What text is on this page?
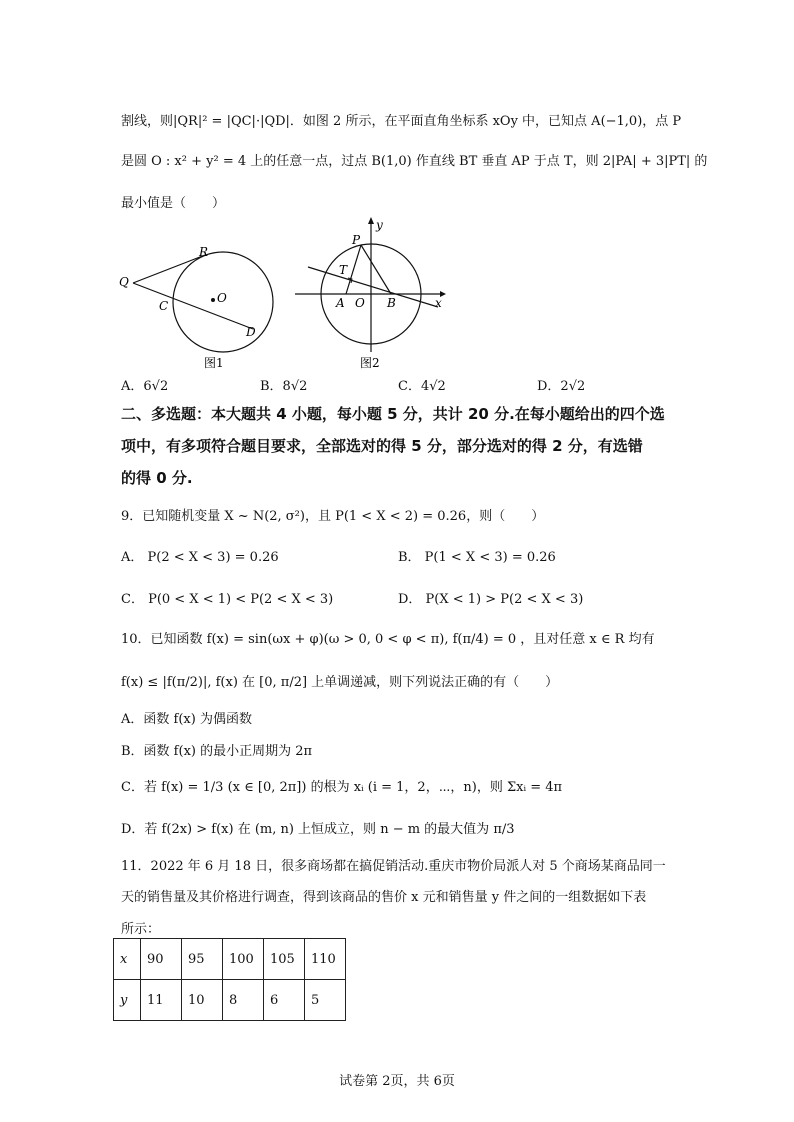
割线，则|QR|² = |QC|·|QD|．如图 2 所示，在平面直角坐标系 xOy 中，已知点 A(−1,0)，点 P
是圆 O : x² + y² = 4 上的任意一点，过点 B(1,0) 作直线 BT 垂直 AP 于点 T，则 2|PA| + 3|PT| 的
最小值是（　　）
Q
R
C
O
D
图1
P
T
A O B	x
y
图2
A．6√2	B．8√2	C．4√2	D．2√2
二、多选题：本大题共 4 小题，每小题 5 分，共计 20 分.在每小题给出的四个选
项中，有多项符合题目要求，全部选对的得 5 分，部分选对的得 2 分，有选错
的得 0 分.
9．已知随机变量 X ~ N(2, σ²)，且 P(1 < X < 2) = 0.26，则（　　）
A． P(2 < X < 3) = 0.26	B． P(1 < X < 3) = 0.26
C． P(0 < X < 1) < P(2 < X < 3)	D． P(X < 1) > P(2 < X < 3)
10．已知函数 f(x) = sin(ωx + φ)(ω > 0, 0 < φ < π), f(π/4) = 0 ，且对任意 x ∈ R 均有
f(x) ≤ |f(π/2)|, f(x) 在 [0, π/2] 上单调递减，则下列说法正确的有（　　）
A．函数 f(x) 为偶函数
B．函数 f(x) 的最小正周期为 2π
C．若 f(x) = 1/3 (x ∈ [0, 2π]) 的根为 xᵢ (i = 1，2，⋯，n)，则 Σxᵢ = 4π
D．若 f(2x) > f(x) 在 (m, n) 上恒成立，则 n − m 的最大值为 π/3
11．2022 年 6 月 18 日，很多商场都在搞促销活动.重庆市物价局派人对 5 个商场某商品同一
天的销售量及其价格进行调查，得到该商品的售价 x 元和销售量 y 件之间的一组数据如下表
所示：
x	90	95	100	105	110
y	11	10	8	6	5
试卷第 2页，共 6页
